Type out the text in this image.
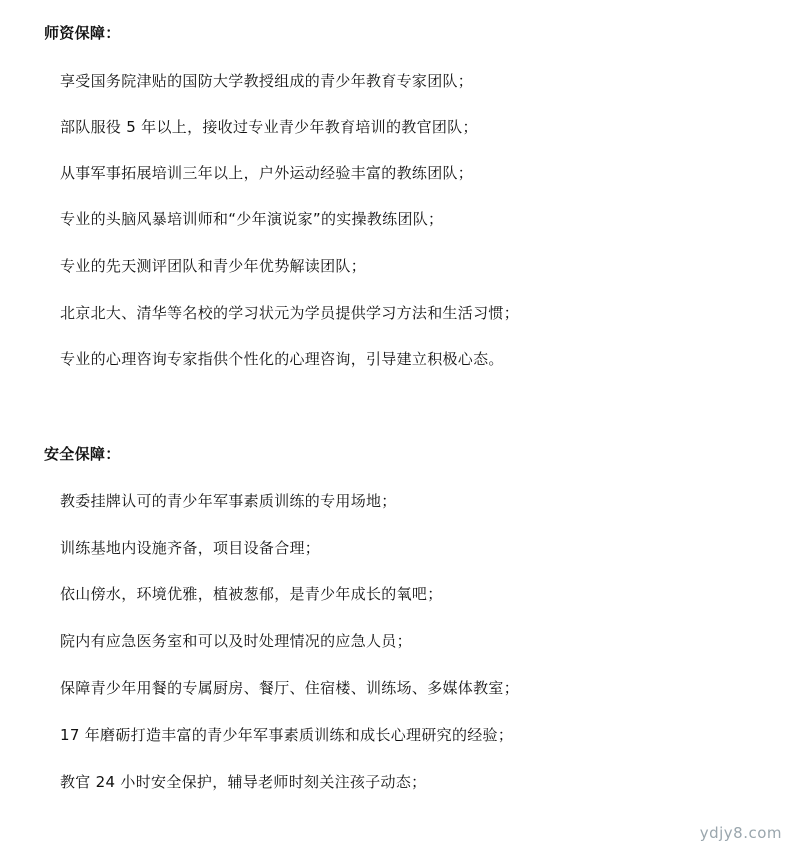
师资保障：
享受国务院津贴的国防大学教授组成的青少年教育专家团队；
部队服役 5 年以上，接收过专业青少年教育培训的教官团队；
从事军事拓展培训三年以上，户外运动经验丰富的教练团队；
专业的头脑风暴培训师和“少年演说家”的实操教练团队；
专业的先天测评团队和青少年优势解读团队；
北京北大、清华等名校的学习状元为学员提供学习方法和生活习惯；
专业的心理咨询专家指供个性化的心理咨询，引导建立积极心态。
安全保障：
教委挂牌认可的青少年军事素质训练的专用场地；
训练基地内设施齐备，项目设备合理；
依山傍水，环境优雅，植被葱郁，是青少年成长的氧吧；
院内有应急医务室和可以及时处理情况的应急人员；
保障青少年用餐的专属厨房、餐厅、住宿楼、训练场、多媒体教室；
17 年磨砺打造丰富的青少年军事素质训练和成长心理研究的经验；
教官 24 小时安全保护，辅导老师时刻关注孩子动态；
ydjy8.com
